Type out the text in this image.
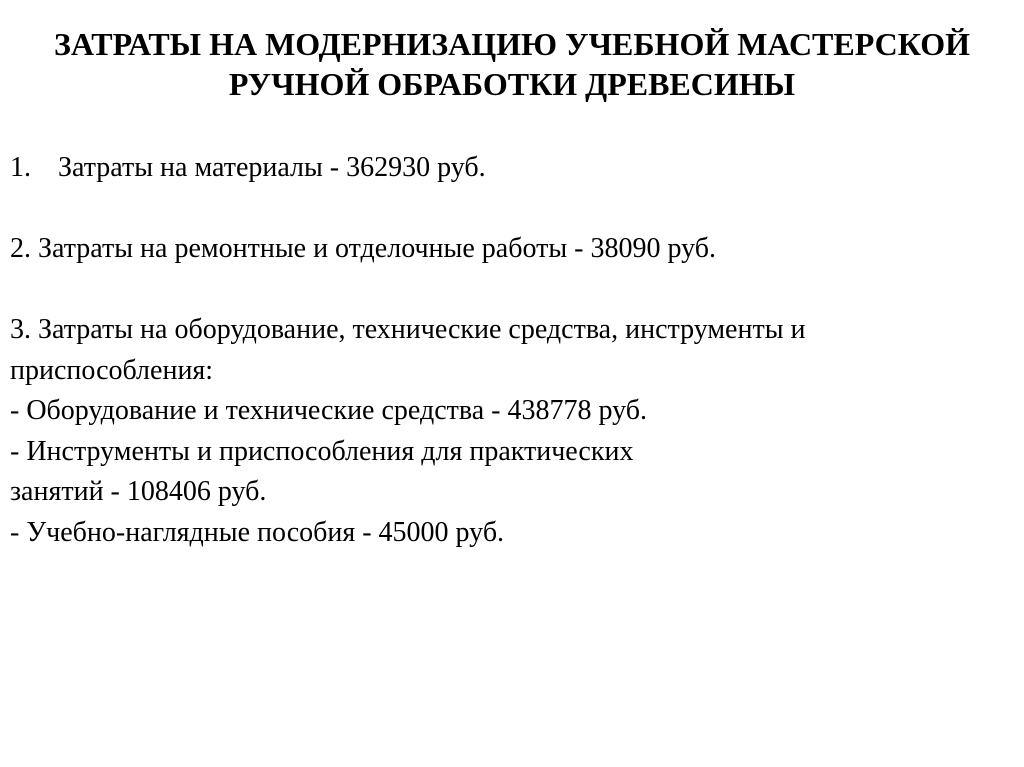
ЗАТРАТЫ НА МОДЕРНИЗАЦИЮ УЧЕБНОЙ МАСТЕРСКОЙ
РУЧНОЙ ОБРАБОТКИ ДРЕВЕСИНЫ
1. Затраты на материалы - 362930 руб.
2. Затраты на ремонтные и отделочные работы - 38090 руб.
3. Затраты на оборудование, технические средства, инструменты и
приспособления:
- Оборудование и технические средства - 438778 руб.
- Инструменты и приспособления для практических
занятий - 108406 руб.
- Учебно-наглядные пособия - 45000 руб.
